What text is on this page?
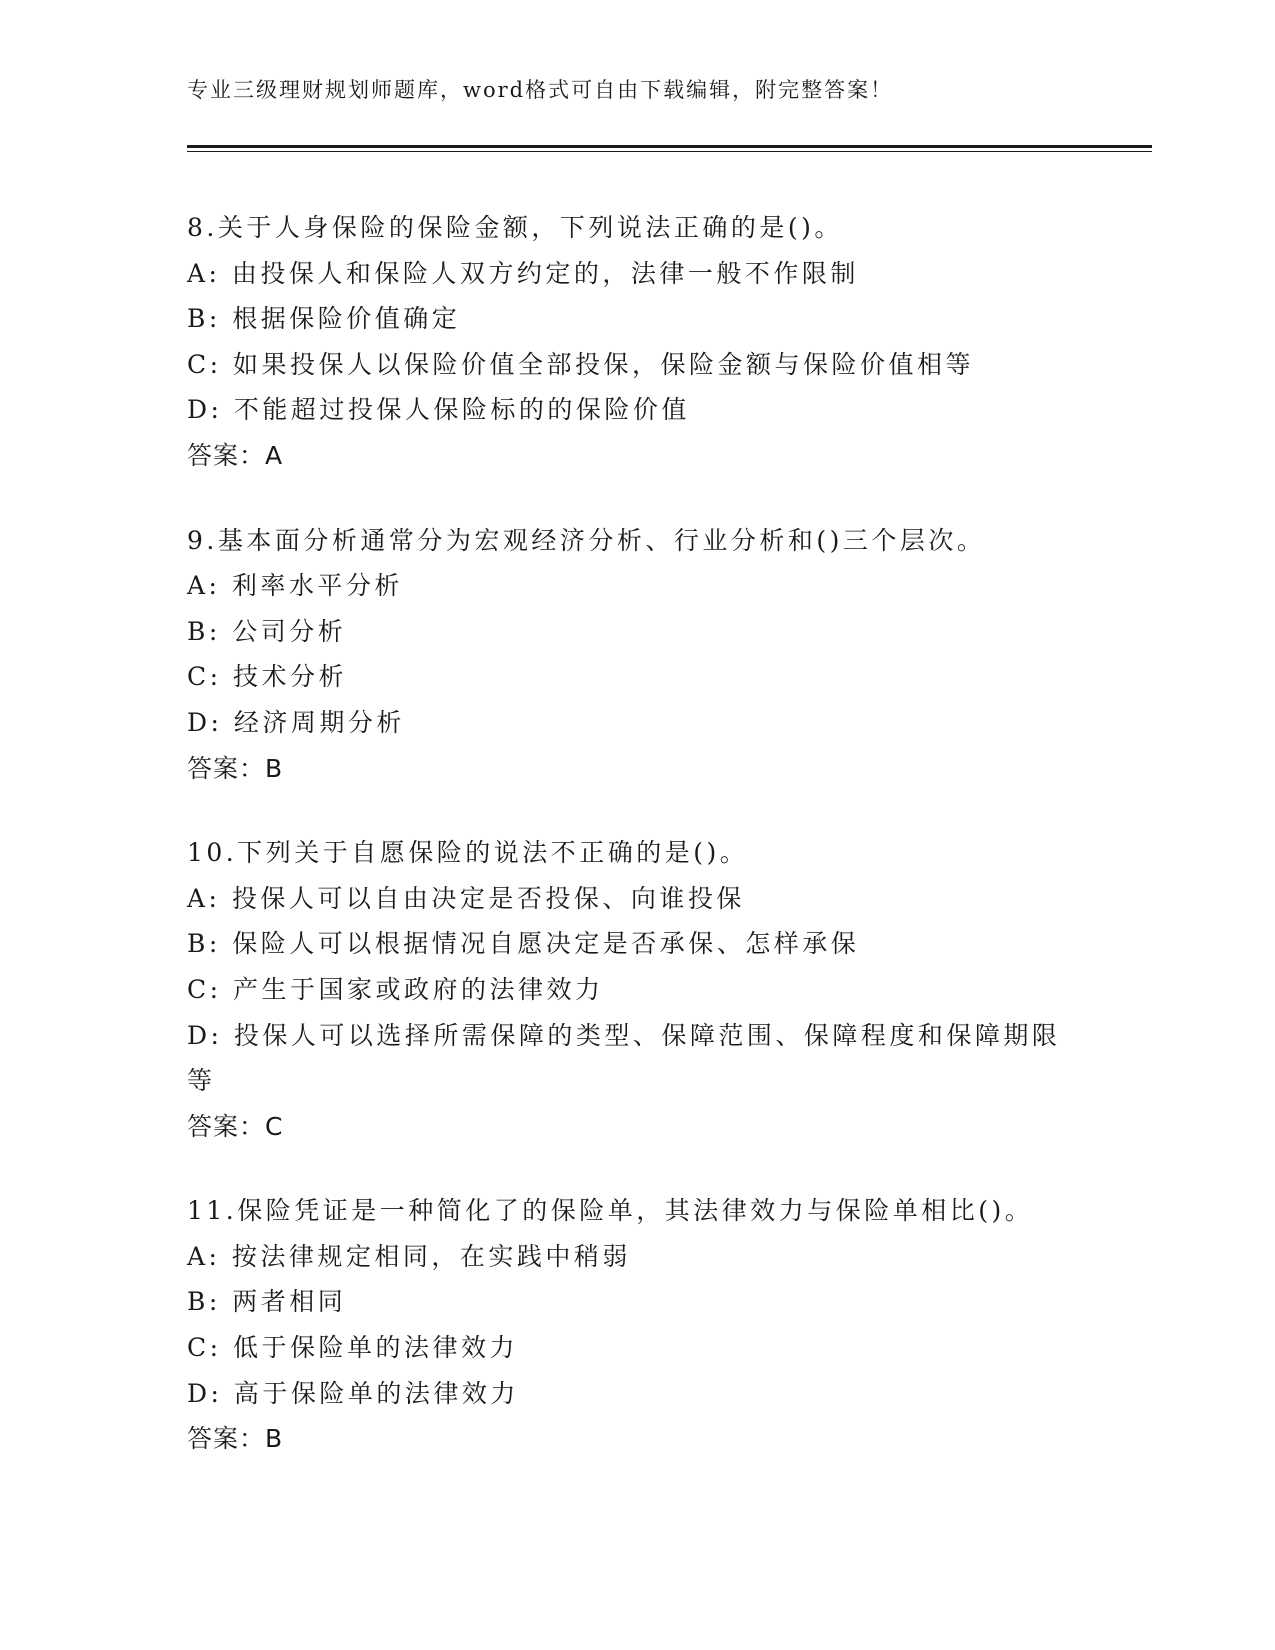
专业三级理财规划师题库，word格式可自由下载编辑，附完整答案！
8.关于人身保险的保险金额，下列说法正确的是()。
A: 由投保人和保险人双方约定的，法律一般不作限制
B: 根据保险价值确定
C: 如果投保人以保险价值全部投保，保险金额与保险价值相等
D: 不能超过投保人保险标的的保险价值
答案：A
9.基本面分析通常分为宏观经济分析、行业分析和()三个层次。
A: 利率水平分析
B: 公司分析
C: 技术分析
D: 经济周期分析
答案：B
10.下列关于自愿保险的说法不正确的是()。
A: 投保人可以自由决定是否投保、向谁投保
B: 保险人可以根据情况自愿决定是否承保、怎样承保
C: 产生于国家或政府的法律效力
D: 投保人可以选择所需保障的类型、保障范围、保障程度和保障期限等
答案：C
11.保险凭证是一种简化了的保险单，其法律效力与保险单相比()。
A: 按法律规定相同，在实践中稍弱
B: 两者相同
C: 低于保险单的法律效力
D: 高于保险单的法律效力
答案：B
